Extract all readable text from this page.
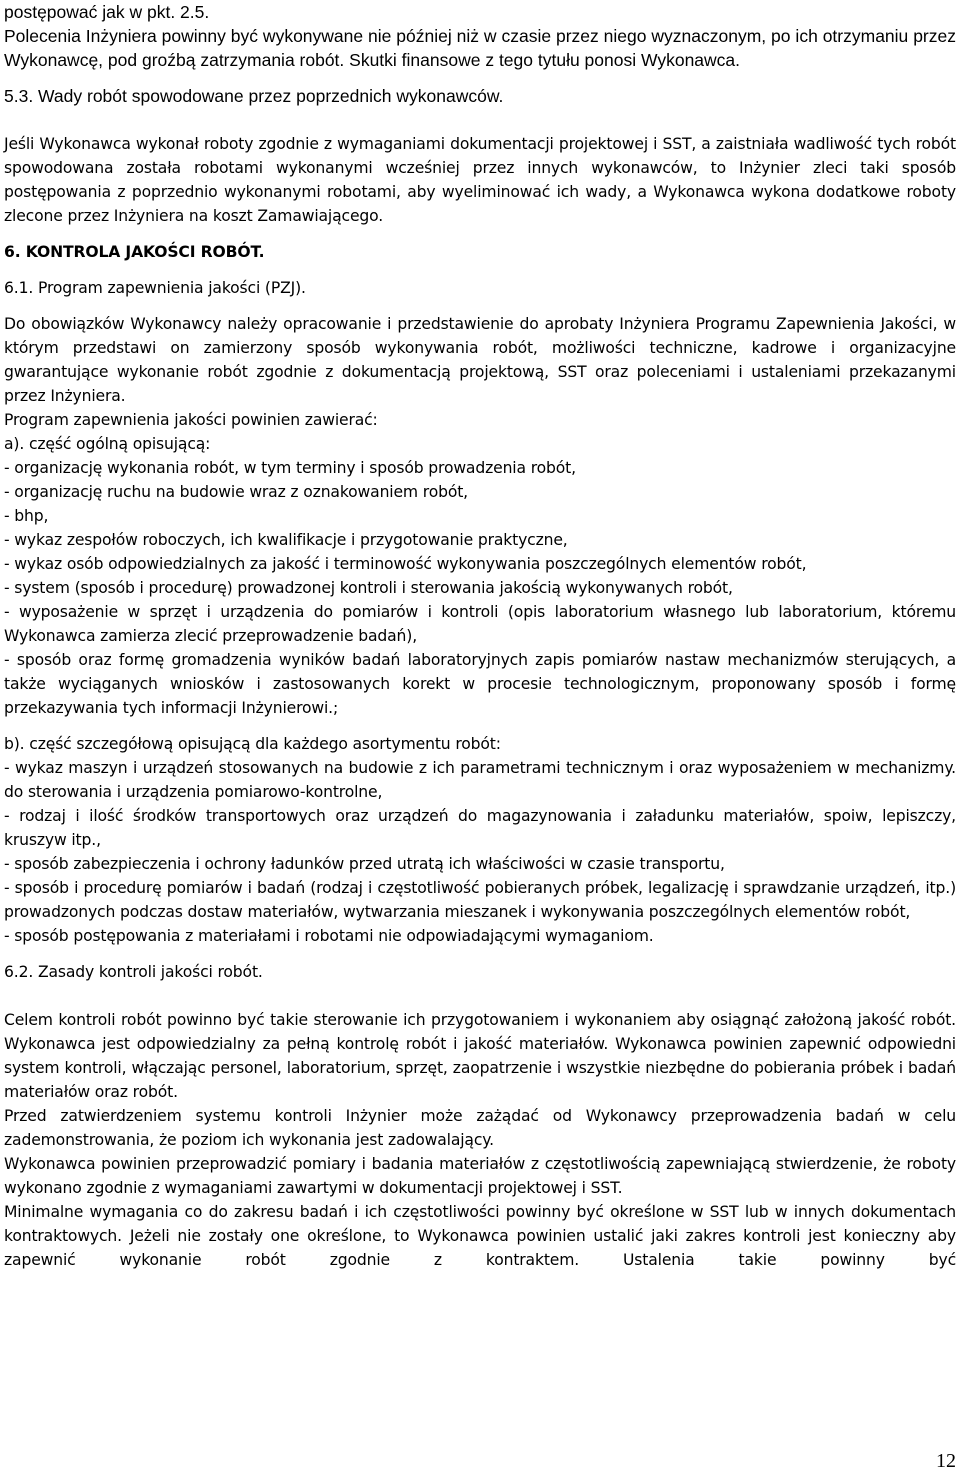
postępować jak w pkt. 2.5.

Polecenia Inżyniera powinny być wykonywane nie później niż w czasie przez niego wyznaczonym, po ich otrzymaniu przez Wykonawcę, pod groźbą zatrzymania robót. Skutki finansowe z tego tytułu ponosi Wykonawca.

5.3. Wady robót spowodowane przez poprzednich wykonawców.

Jeśli Wykonawca wykonał roboty zgodnie z wymaganiami dokumentacji projektowej i SST, a zaistniała wadliwość tych robót spowodowana została robotami wykonanymi wcześniej przez innych wykonawców, to Inżynier zleci taki sposób postępowania z poprzednio wykonanymi robotami, aby wyeliminować ich wady, a Wykonawca wykona dodatkowe roboty zlecone przez Inżyniera na koszt Zamawiającego.

6. KONTROLA JAKOŚCI ROBÓT.
6.1. Program zapewnienia jakości (PZJ).

Do obowiązków Wykonawcy należy opracowanie i przedstawienie do aprobaty Inżyniera Programu Zapewnienia Jakości, w którym przedstawi on zamierzony sposób wykonywania robót, możliwości techniczne, kadrowe i organizacyjne gwarantujące wykonanie robót zgodnie z dokumentacją projektową, SST oraz poleceniami i ustaleniami przekazanymi przez Inżyniera.

Program zapewnienia jakości powinien zawierać:

a). część ogólną opisującą:

- organizację wykonania robót, w tym terminy i sposób prowadzenia robót,
- organizację ruchu na budowie wraz z oznakowaniem robót,
- bhp,
- wykaz zespołów roboczych, ich kwalifikacje i przygotowanie praktyczne,
- wykaz osób odpowiedzialnych za jakość i terminowość wykonywania poszczególnych elementów robót,
- system (sposób i procedurę) prowadzonej kontroli i sterowania jakością wykonywanych robót,
- wyposażenie w sprzęt i urządzenia do pomiarów i kontroli (opis laboratorium własnego lub laboratorium, któremu Wykonawca zamierza zlecić przeprowadzenie badań),
- sposób oraz formę gromadzenia wyników badań laboratoryjnych zapis pomiarów nastaw mechanizmów sterujących, a także wyciąganych wniosków i zastosowanych korekt w procesie technologicznym, proponowany sposób i formę przekazywania tych informacji Inżynierowi.;

b). część szczegółową opisującą dla każdego asortymentu robót:

- wykaz maszyn i urządzeń stosowanych na budowie z ich parametrami technicznym i oraz wyposażeniem w mechanizmy. do sterowania i urządzenia pomiarowo-kontrolne,
- rodzaj i ilość środków transportowych oraz urządzeń do magazynowania i załadunku materiałów, spoiw, lepiszczy, kruszyw itp.,
- sposób zabezpieczenia i ochrony ładunków przed utratą ich właściwości w czasie transportu,
- sposób i procedurę pomiarów i badań (rodzaj i częstotliwość pobieranych próbek, legalizację i sprawdzanie urządzeń, itp.) prowadzonych podczas dostaw materiałów, wytwarzania mieszanek i wykonywania poszczególnych elementów robót,
- sposób postępowania z materiałami i robotami nie odpowiadającymi wymaganiom.
6.2. Zasady kontroli jakości robót.

Celem kontroli robót powinno być takie sterowanie ich przygotowaniem i wykonaniem aby osiągnąć założoną jakość robót. Wykonawca jest odpowiedzialny za pełną kontrolę robót i jakość materiałów. Wykonawca powinien zapewnić odpowiedni system kontroli, włączając personel, laboratorium, sprzęt, zaopatrzenie i wszystkie niezbędne do pobierania próbek i badań materiałów oraz robót.

Przed zatwierdzeniem systemu kontroli Inżynier może zażądać od Wykonawcy przeprowadzenia badań w celu zademonstrowania, że poziom ich wykonania jest zadowalający.

Wykonawca powinien przeprowadzić pomiary i badania materiałów z częstotliwością zapewniającą stwierdzenie, że roboty wykonano zgodnie z wymaganiami zawartymi w dokumentacji projektowej i SST.

Minimalne wymagania co do zakresu badań i ich częstotliwości powinny być określone w SST lub w innych dokumentach kontraktowych. Jeżeli nie zostały one określone, to Wykonawca powinien ustalić jaki zakres kontroli jest konieczny aby zapewnić wykonanie robót zgodnie z kontraktem. Ustalenia takie powinny być

12
